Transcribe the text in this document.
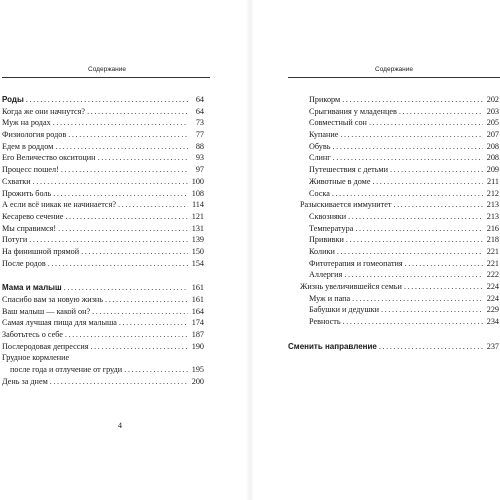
Содержание
Роды .....	64
Когда же они начнутся? .....	64
Муж на родах .....	73
Физиология родов .....	77
Едем в роддом .....	88
Его Величество окситоцин .....	93
Процесс пошел! .....	97
Схватки .....	100
Прожить боль .....	108
А если всё никак не начинается? .....	114
Кесарево сечение .....	121
Мы справимся! .....	131
Потуги .....	139
На финишной прямой .....	150
После родов .....	154
Мама и малыш .....	161
Спасибо вам за новую жизнь .....	161
Ваш малыш — какой он? .....	164
Самая лучшая пища для малыша .....	174
Заботьтесь о себе .....	187
Послеродовая депрессия .....	190
Грудное кормление
после года и отлучение от груди .....	195
День за днем .....	200
4
Содержание
Прикорм .....	202
Срыгивания у младенцев .....	203
Совместный сон .....	205
Купание .....	207
Обувь .....	208
Слинг .....	208
Путешествия с детьми .....	209
Животные в доме .....	211
Соска .....	212
Разыскивается иммунитет .....	213
Сквозняки .....	213
Температура .....	216
Прививки .....	218
Колики .....	221
Фитотерапия и гомеопатия .....	221
Аллергия .....	222
Жизнь увеличившейся семьи .....	224
Муж и папа .....	224
Бабушки и дедушки .....	229
Ревность .....	234
Сменить направление .....	237
